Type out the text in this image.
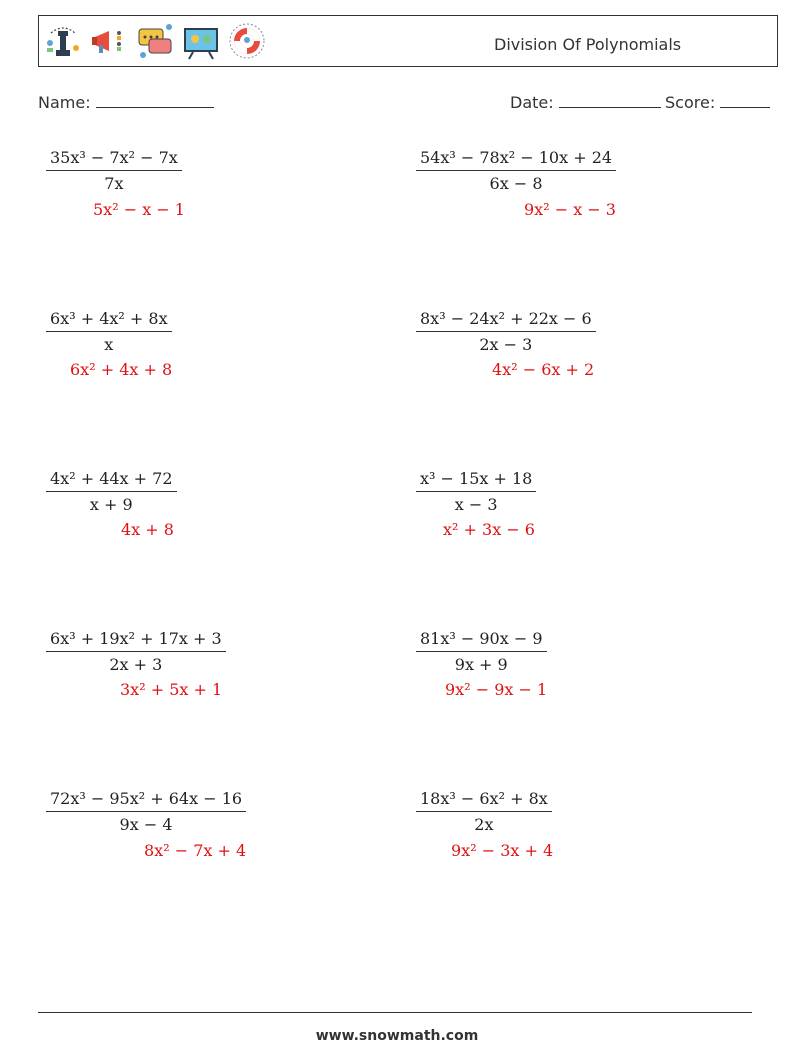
Division Of Polynomials
Name:	Date:	Score:
$\frac{\text{35x³ − 7x² − 7x}}{7x}$
5x² − x − 1
$\frac{\text{54x³ − 78x² − 10x + 24}}{6x - 8}$
9x² − x − 3
$\frac{\text{6x³ + 4x² + 8x}}{x}$
6x² + 4x + 8
$\frac{\text{8x³ − 24x² + 22x − 6}}{2x - 3}$
4x² − 6x + 2
$\frac{\text{4x² + 44x + 72}}{x + 9}$
4x + 8
$\frac{\text{x³ − 15x + 18}}{x - 3}$
x² + 3x − 6
$\frac{\text{6x³ + 19x² + 17x + 3}}{2x + 3}$
3x² + 5x + 1
$\frac{\text{81x³ − 90x − 9}}{9x + 9}$
9x² − 9x − 1
$\frac{\text{72x³ − 95x² + 64x − 16}}{9x - 4}$
8x² − 7x + 4
$\frac{\text{18x³ − 6x² + 8x}}{2x}$
9x² − 3x + 4
www.snowmath.com
